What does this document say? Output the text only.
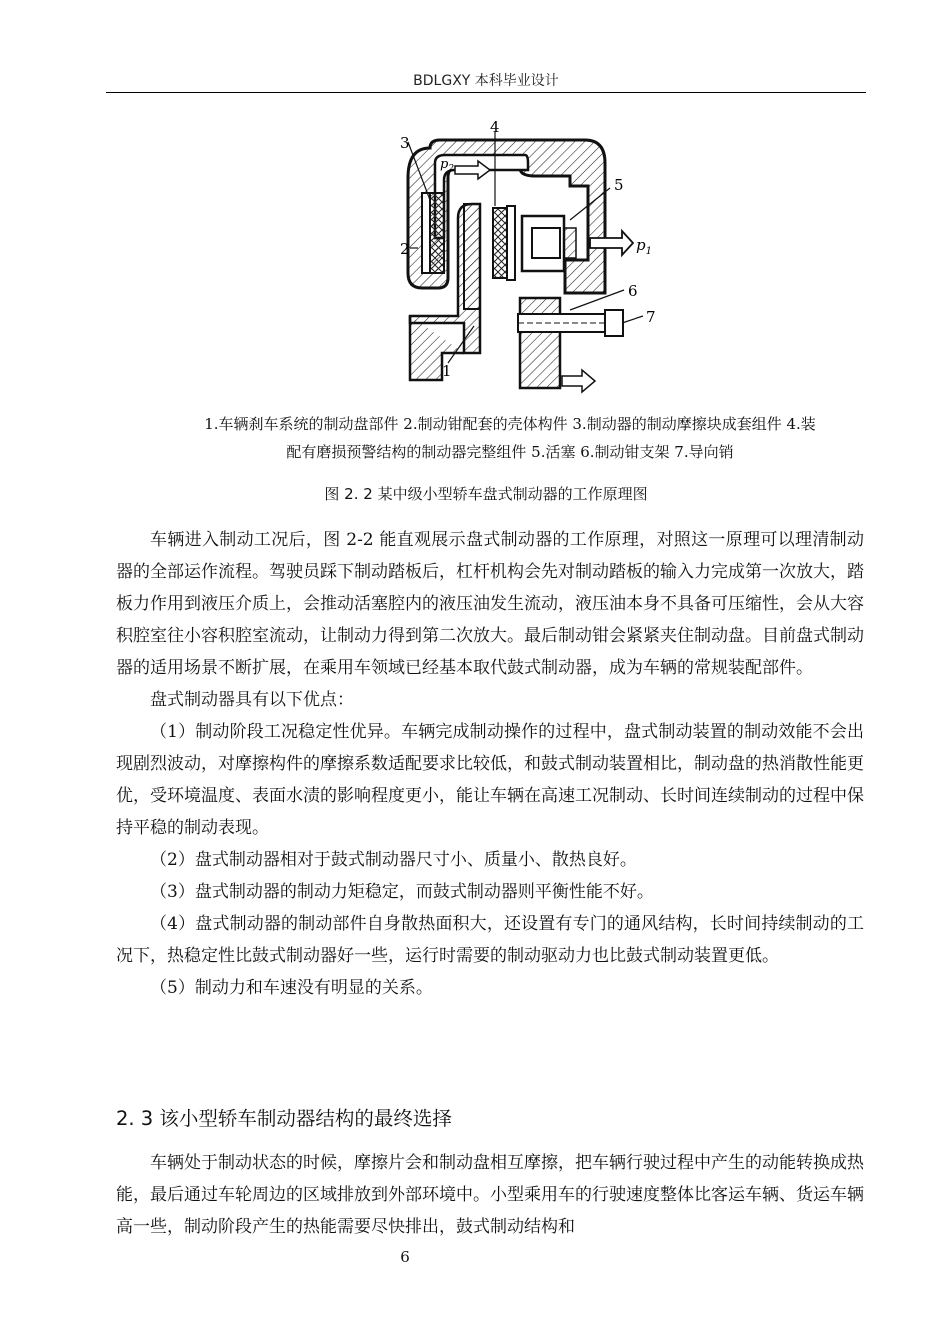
BDLGXY 本科毕业设计
3
4
5
2
6
7
1
$p_1$
$p_2$
1.车辆刹车系统的制动盘部件 2.制动钳配套的壳体构件 3.制动器的制动摩擦块成套组件 4.装
配有磨损预警结构的制动器完整组件 5.活塞 6.制动钳支架 7.导向销
图 2. 2 某中级小型轿车盘式制动器的工作原理图

车辆进入制动工况后，图 2-2 能直观展示盘式制动器的工作原理，对照这一原理可以理清制动器的全部运作流程。驾驶员踩下制动踏板后，杠杆机构会先对制动踏板的输入力完成第一次放大，踏板力作用到液压介质上，会推动活塞腔内的液压油发生流动，液压油本身不具备可压缩性，会从大容积腔室往小容积腔室流动，让制动力得到第二次放大。最后制动钳会紧紧夹住制动盘。目前盘式制动器的适用场景不断扩展，在乘用车领域已经基本取代鼓式制动器，成为车辆的常规装配部件。

盘式制动器具有以下优点：

（1）制动阶段工况稳定性优异。车辆完成制动操作的过程中，盘式制动装置的制动效能不会出现剧烈波动，对摩擦构件的摩擦系数适配要求比较低，和鼓式制动装置相比，制动盘的热消散性能更优，受环境温度、表面水渍的影响程度更小，能让车辆在高速工况制动、长时间连续制动的过程中保持平稳的制动表现。

（2）盘式制动器相对于鼓式制动器尺寸小、质量小、散热良好。

（3）盘式制动器的制动力矩稳定，而鼓式制动器则平衡性能不好。

（4）盘式制动器的制动部件自身散热面积大，还设置有专门的通风结构，长时间持续制动的工况下，热稳定性比鼓式制动器好一些，运行时需要的制动驱动力也比鼓式制动装置更低。

（5）制动力和车速没有明显的关系。

2. 3 该小型轿车制动器结构的最终选择

车辆处于制动状态的时候，摩擦片会和制动盘相互摩擦，把车辆行驶过程中产生的动能转换成热能，最后通过车轮周边的区域排放到外部环境中。小型乘用车的行驶速度整体比客运车辆、货运车辆高一些，制动阶段产生的热能需要尽快排出，鼓式制动结构和

6
